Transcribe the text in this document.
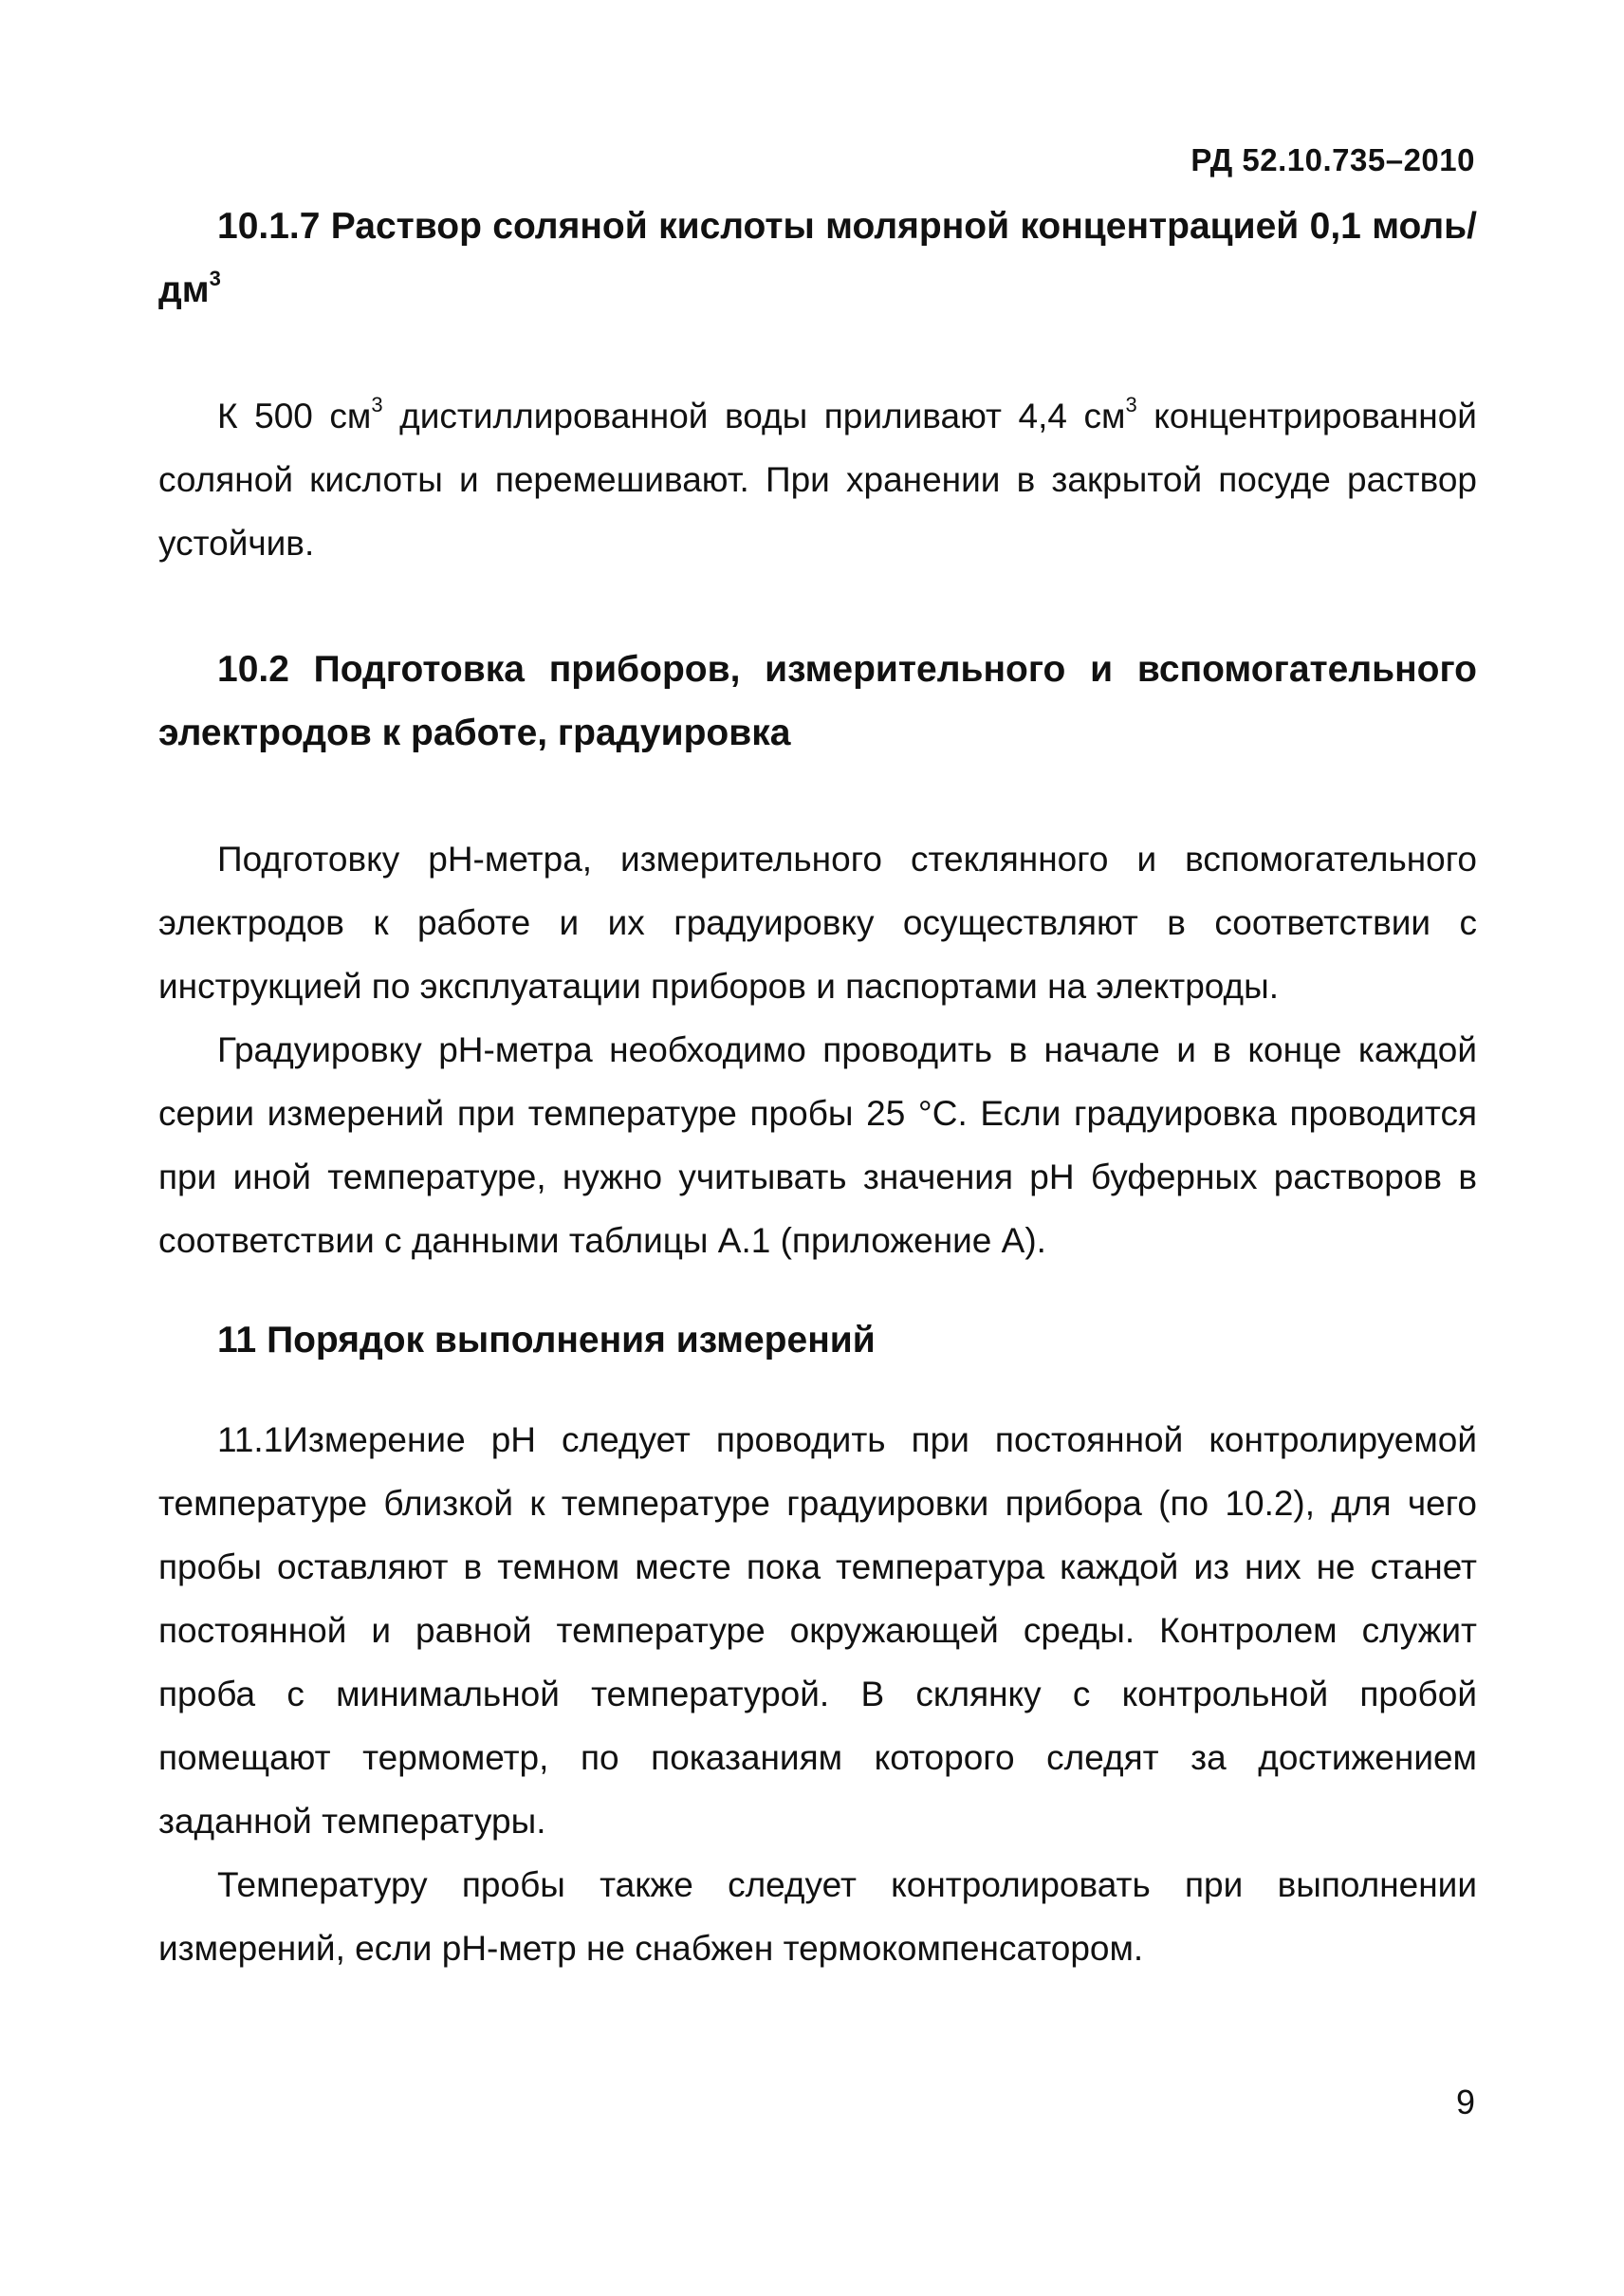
РД 52.10.735–2010

10.1.7 Раствор соляной кислоты молярной концентрацией 0,1 моль/$дм^3$

К 500 $см^3$ дистиллированной воды приливают 4,4 $см^3$ концентрированной соляной кислоты и перемешивают. При хранении в закрытой посуде раствор устойчив.

10.2 Подготовка приборов, измерительного и вспомогательного электродов к работе, градуировка

Подготовку рН-метра, измерительного стеклянного и вспомогательного электродов к работе и их градуировку осуществляют в соответствии с инструкцией по эксплуатации приборов и паспортами на электроды.

Градуировку рН-метра необходимо проводить в начале и в конце каждой серии измерений при температуре пробы 25 °С. Если градуировка проводится при иной температуре, нужно учитывать значения рН буферных растворов в соответствии с данными таблицы А.1 (приложение А).

11 Порядок выполнения измерений

11.1Измерение рН следует проводить при постоянной контролируемой температуре близкой к температуре градуировки прибора (по 10.2), для чего пробы оставляют в темном месте пока температура каждой из них не станет постоянной и равной температуре окружающей среды. Контролем служит проба с минимальной температурой. В склянку с контрольной пробой помещают термометр, по показаниям которого следят за достижением заданной температуры.

Температуру пробы также следует контролировать при выполнении измерений, если рН-метр не снабжен термокомпенсатором.

9
